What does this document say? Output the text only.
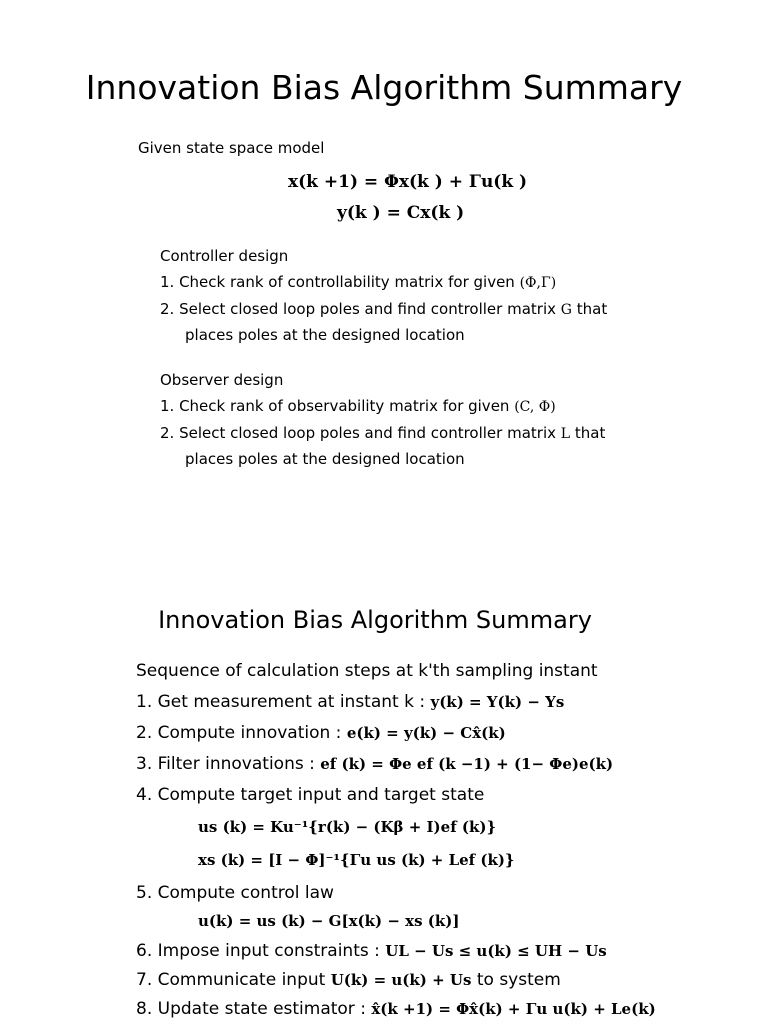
Innovation Bias Algorithm Summary
Given state space model
x(k +1) = Φx(k ) + Γu(k )
y(k ) = Cx(k )
Controller design
1. Check rank of controllability matrix for given (Φ,Γ)
2. Select closed loop poles and find controller matrix G that
places poles at the designed location
Observer design
1. Check rank of observability matrix for given (C, Φ)
2. Select closed loop poles and find controller matrix L that
places poles at the designed location
Innovation Bias Algorithm Summary
Sequence of calculation steps at k'th sampling instant
1. Get measurement at instant k : y(k) = Y(k) − Ys
2. Compute innovation : e(k) = y(k) − Cx̂(k)
3. Filter innovations : ef (k) = Φe ef (k −1) + (1− Φe)e(k)
4. Compute target input and target state
us (k) = Ku⁻¹{r(k) − (Kβ + I)ef (k)}
xs (k) = [I − Φ]⁻¹{Γu us (k) + Lef (k)}
5. Compute control law
u(k) = us (k) − G[x(k) − xs (k)]
6. Impose input constraints : UL − Us ≤ u(k) ≤ UH − Us
7. Communicate input U(k) = u(k) + Us to system
8. Update state estimator : x̂(k +1) = Φx̂(k) + Γu u(k) + Le(k)
